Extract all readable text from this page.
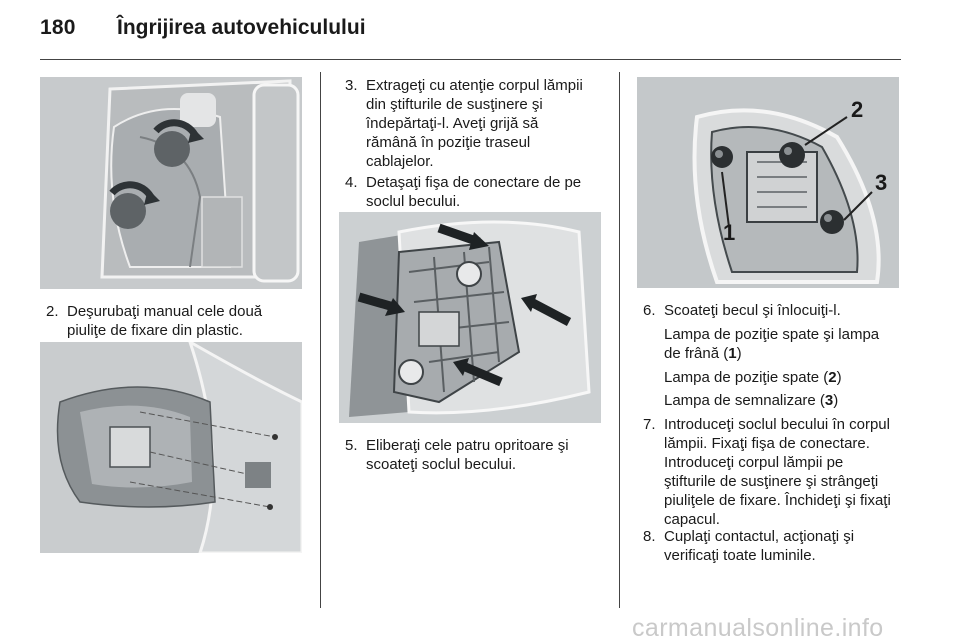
180 Îngrijirea autovehiculului
2. Deşurubaţi manual cele două
piuliţe de fixare din plastic.
3. Extrageţi cu atenţie corpul lămpii
din ştifturile de susţinere şi
îndepărtaţi-l. Aveţi grijă să
rămână în poziţie traseul
cablajelor.
4. Detaşaţi fişa de conectare de pe
soclul becului.
5. Eliberaţi cele patru opritoare şi
scoateţi soclul becului.
1
2
3
6. Scoateţi becul şi înlocuiţi-l.
Lampa de poziţie spate şi lampa
de frână (1)
Lampa de poziţie spate (2)
Lampa de semnalizare (3)
7. Introduceţi soclul becului în corpul
lămpii. Fixaţi fişa de conectare.
Introduceţi corpul lămpii pe
ştifturile de susţinere şi strângeţi
piuliţele de fixare. Închideţi şi fixaţi
capacul.
8. Cuplaţi contactul, acţionaţi şi
verificaţi toate luminile.
carmanualsonline.info
